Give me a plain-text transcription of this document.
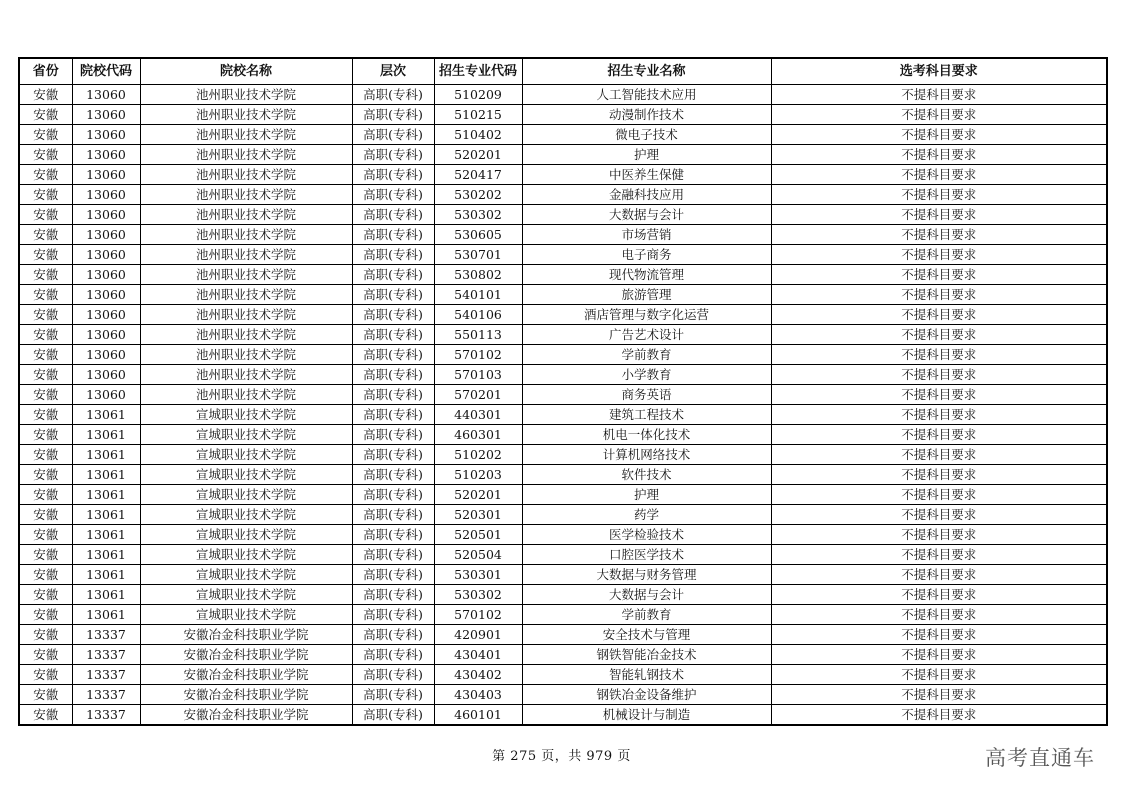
省份	院校代码	院校名称	层次	招生专业代码	招生专业名称	选考科目要求
安徽	13060	池州职业技术学院	高职(专科)	510209	人工智能技术应用	不提科目要求
安徽	13060	池州职业技术学院	高职(专科)	510215	动漫制作技术	不提科目要求
安徽	13060	池州职业技术学院	高职(专科)	510402	微电子技术	不提科目要求
安徽	13060	池州职业技术学院	高职(专科)	520201	护理	不提科目要求
安徽	13060	池州职业技术学院	高职(专科)	520417	中医养生保健	不提科目要求
安徽	13060	池州职业技术学院	高职(专科)	530202	金融科技应用	不提科目要求
安徽	13060	池州职业技术学院	高职(专科)	530302	大数据与会计	不提科目要求
安徽	13060	池州职业技术学院	高职(专科)	530605	市场营销	不提科目要求
安徽	13060	池州职业技术学院	高职(专科)	530701	电子商务	不提科目要求
安徽	13060	池州职业技术学院	高职(专科)	530802	现代物流管理	不提科目要求
安徽	13060	池州职业技术学院	高职(专科)	540101	旅游管理	不提科目要求
安徽	13060	池州职业技术学院	高职(专科)	540106	酒店管理与数字化运营	不提科目要求
安徽	13060	池州职业技术学院	高职(专科)	550113	广告艺术设计	不提科目要求
安徽	13060	池州职业技术学院	高职(专科)	570102	学前教育	不提科目要求
安徽	13060	池州职业技术学院	高职(专科)	570103	小学教育	不提科目要求
安徽	13060	池州职业技术学院	高职(专科)	570201	商务英语	不提科目要求
安徽	13061	宣城职业技术学院	高职(专科)	440301	建筑工程技术	不提科目要求
安徽	13061	宣城职业技术学院	高职(专科)	460301	机电一体化技术	不提科目要求
安徽	13061	宣城职业技术学院	高职(专科)	510202	计算机网络技术	不提科目要求
安徽	13061	宣城职业技术学院	高职(专科)	510203	软件技术	不提科目要求
安徽	13061	宣城职业技术学院	高职(专科)	520201	护理	不提科目要求
安徽	13061	宣城职业技术学院	高职(专科)	520301	药学	不提科目要求
安徽	13061	宣城职业技术学院	高职(专科)	520501	医学检验技术	不提科目要求
安徽	13061	宣城职业技术学院	高职(专科)	520504	口腔医学技术	不提科目要求
安徽	13061	宣城职业技术学院	高职(专科)	530301	大数据与财务管理	不提科目要求
安徽	13061	宣城职业技术学院	高职(专科)	530302	大数据与会计	不提科目要求
安徽	13061	宣城职业技术学院	高职(专科)	570102	学前教育	不提科目要求
安徽	13337	安徽冶金科技职业学院	高职(专科)	420901	安全技术与管理	不提科目要求
安徽	13337	安徽冶金科技职业学院	高职(专科)	430401	钢铁智能冶金技术	不提科目要求
安徽	13337	安徽冶金科技职业学院	高职(专科)	430402	智能轧钢技术	不提科目要求
安徽	13337	安徽冶金科技职业学院	高职(专科)	430403	钢铁冶金设备维护	不提科目要求
安徽	13337	安徽冶金科技职业学院	高职(专科)	460101	机械设计与制造	不提科目要求
第 275 页，共 979 页	高考直通车
